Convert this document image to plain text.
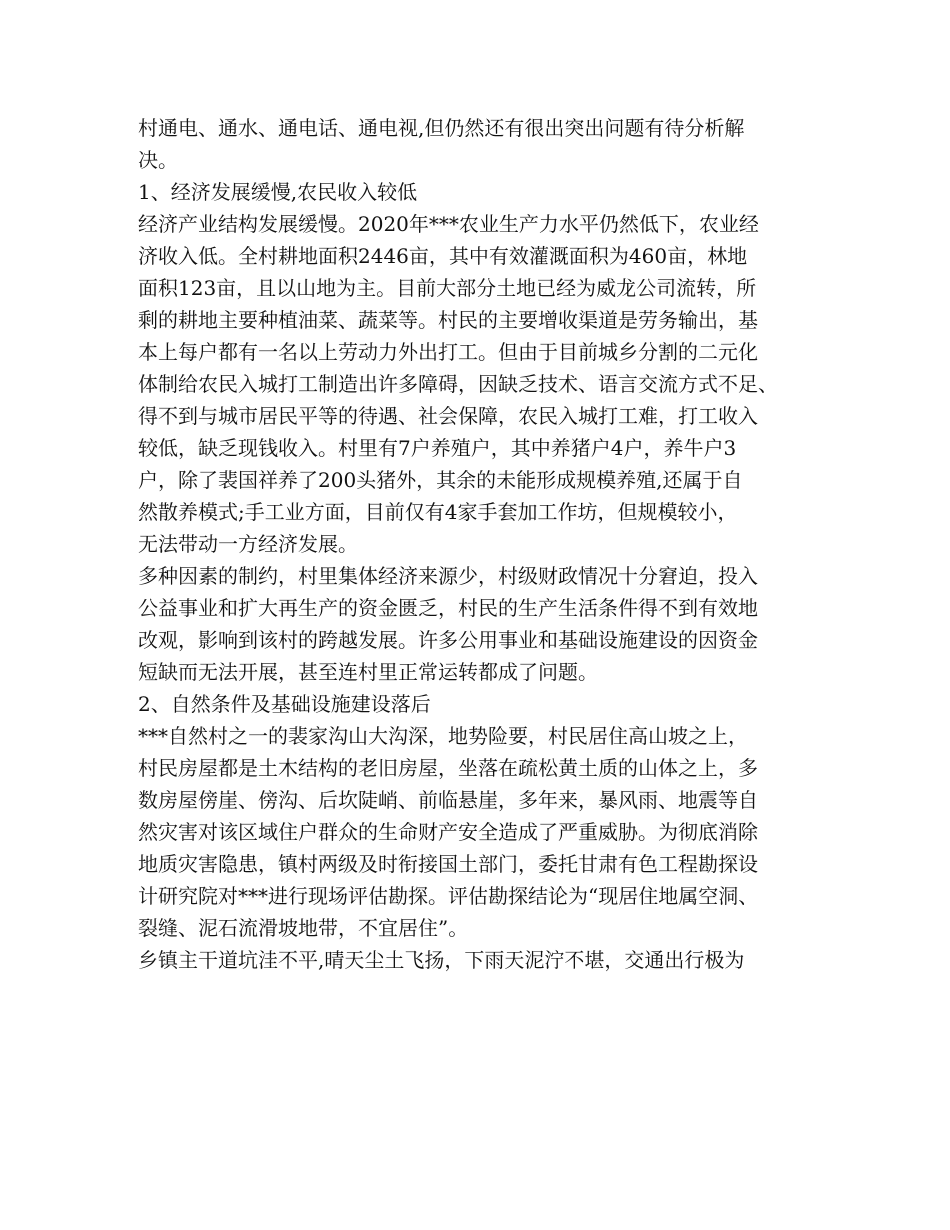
村通电、通水、通电话、通电视,但仍然还有很出突出问题有待分析解
决。
1、经济发展缓慢,农民收入较低
经济产业结构发展缓慢。2020年***农业生产力水平仍然低下，农业经
济收入低。全村耕地面积2446亩，其中有效灌溉面积为460亩，林地
面积123亩，且以山地为主。目前大部分土地已经为威龙公司流转，所
剩的耕地主要种植油菜、蔬菜等。村民的主要增收渠道是劳务输出，基
本上每户都有一名以上劳动力外出打工。但由于目前城乡分割的二元化
体制给农民入城打工制造出许多障碍，因缺乏技术、语言交流方式不足、
得不到与城市居民平等的待遇、社会保障，农民入城打工难，打工收入
较低，缺乏现钱收入。村里有7户养殖户，其中养猪户4户，养牛户3
户，除了裴国祥养了200头猪外，其余的未能形成规模养殖,还属于自
然散养模式;手工业方面，目前仅有4家手套加工作坊，但规模较小，
无法带动一方经济发展。
多种因素的制约，村里集体经济来源少，村级财政情况十分窘迫，投入
公益事业和扩大再生产的资金匮乏，村民的生产生活条件得不到有效地
改观，影响到该村的跨越发展。许多公用事业和基础设施建设的因资金
短缺而无法开展，甚至连村里正常运转都成了问题。
2、自然条件及基础设施建设落后
***自然村之一的裴家沟山大沟深，地势险要，村民居住高山坡之上，
村民房屋都是土木结构的老旧房屋，坐落在疏松黄土质的山体之上，多
数房屋傍崖、傍沟、后坎陡峭、前临悬崖，多年来，暴风雨、地震等自
然灾害对该区域住户群众的生命财产安全造成了严重威胁。为彻底消除
地质灾害隐患，镇村两级及时衔接国土部门，委托甘肃有色工程勘探设
计研究院对***进行现场评估勘探。评估勘探结论为“现居住地属空洞、
裂缝、泥石流滑坡地带，不宜居住”。
乡镇主干道坑洼不平,晴天尘土飞扬，下雨天泥泞不堪，交通出行极为
